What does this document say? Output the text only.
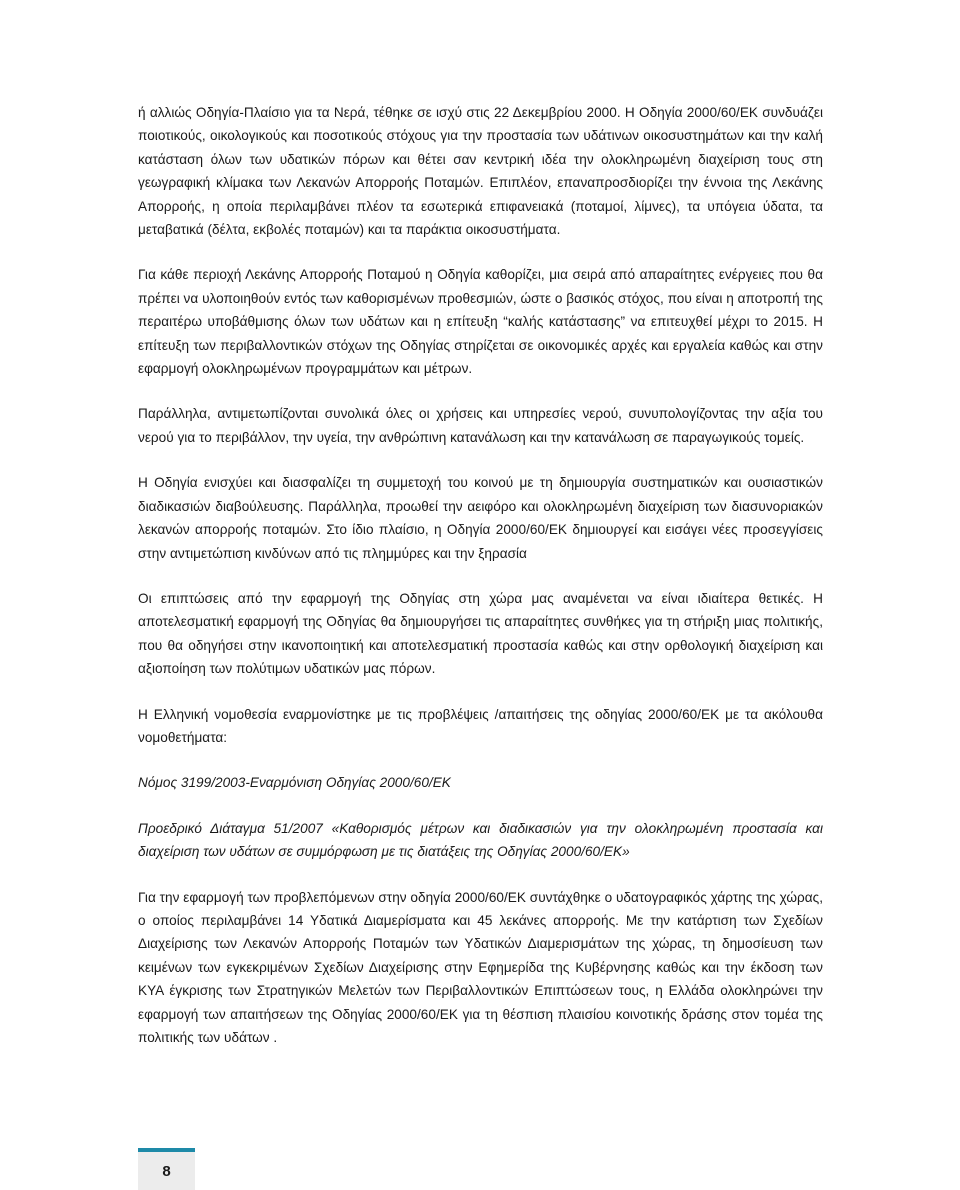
ή αλλιώς Οδηγία-Πλαίσιο για τα Νερά, τέθηκε σε ισχύ στις 22 Δεκεμβρίου 2000. Η Οδηγία 2000/60/ΕΚ συνδυάζει ποιοτικούς, οικολογικούς και ποσοτικούς στόχους για την προστασία των υδάτινων οικοσυστημάτων και την καλή κατάσταση όλων των υδατικών πόρων και θέτει σαν κεντρική ιδέα την ολοκληρωμένη διαχείριση τους στη γεωγραφική κλίμακα των Λεκανών Απορροής Ποταμών. Επιπλέον, επαναπροσδιορίζει την έννοια της Λεκάνης Απορροής, η οποία περιλαμβάνει πλέον τα εσωτερικά επιφανειακά (ποταμοί, λίμνες), τα υπόγεια ύδατα, τα μεταβατικά (δέλτα, εκβολές ποταμών) και τα παράκτια οικοσυστήματα.

Για κάθε περιοχή Λεκάνης Απορροής Ποταμού η Οδηγία καθορίζει, μια σειρά από απαραίτητες ενέργειες που θα πρέπει να υλοποιηθούν εντός των καθορισμένων προθεσμιών, ώστε ο βασικός στόχος, που είναι η αποτροπή της περαιτέρω υποβάθμισης όλων των υδάτων και η επίτευξη “καλής κατάστασης” να επιτευχθεί μέχρι το 2015. Η επίτευξη των περιβαλλοντικών στόχων της Οδηγίας στηρίζεται σε οικονομικές αρχές και εργαλεία καθώς και στην εφαρμογή ολοκληρωμένων προγραμμάτων και μέτρων.

Παράλληλα, αντιμετωπίζονται συνολικά όλες οι χρήσεις και υπηρεσίες νερού, συνυπολογίζοντας την αξία του νερού για το περιβάλλον, την υγεία, την ανθρώπινη κατανάλωση και την κατανάλωση σε παραγωγικούς τομείς.

Η Οδηγία ενισχύει και διασφαλίζει τη συμμετοχή του κοινού με τη δημιουργία συστηματικών και ουσιαστικών διαδικασιών διαβούλευσης. Παράλληλα, προωθεί την αειφόρο και ολοκληρωμένη διαχείριση των διασυνοριακών λεκανών απορροής ποταμών. Στο ίδιο πλαίσιο, η Οδηγία 2000/60/ΕΚ δημιουργεί και εισάγει νέες προσεγγίσεις στην αντιμετώπιση κινδύνων από τις πλημμύρες και την ξηρασία

Οι επιπτώσεις από την εφαρμογή της Οδηγίας στη χώρα μας αναμένεται να είναι ιδιαίτερα θετικές. Η αποτελεσματική εφαρμογή της Οδηγίας θα δημιουργήσει τις απαραίτητες συνθήκες για τη στήριξη μιας πολιτικής, που θα οδηγήσει στην ικανοποιητική και αποτελεσματική προστασία καθώς και στην ορθολογική διαχείριση και αξιοποίηση των πολύτιμων υδατικών μας πόρων.

Η Ελληνική νομοθεσία εναρμονίστηκε με τις προβλέψεις /απαιτήσεις της οδηγίας 2000/60/ΕΚ με τα ακόλουθα νομοθετήματα:

Νόμος 3199/2003-Εναρμόνιση Οδηγίας 2000/60/ΕΚ

Προεδρικό Διάταγμα 51/2007 «Καθορισμός μέτρων και διαδικασιών για την ολοκληρωμένη προστασία και διαχείριση των υδάτων σε συμμόρφωση με τις διατάξεις της Οδηγίας 2000/60/ΕΚ»

Για την εφαρμογή των προβλεπόμενων στην οδηγία 2000/60/ΕΚ συντάχθηκε ο υδατογραφικός χάρτης της χώρας, ο οποίος περιλαμβάνει 14 Υδατικά Διαμερίσματα και 45 λεκάνες απορροής. Με την κατάρτιση των Σχεδίων Διαχείρισης των Λεκανών Απορροής Ποταμών των Υδατικών Διαμερισμάτων της χώρας, τη δημοσίευση των κειμένων των εγκεκριμένων Σχεδίων Διαχείρισης στην Εφημερίδα της Κυβέρνησης καθώς και την έκδοση των ΚΥΑ έγκρισης των Στρατηγικών Μελετών των Περιβαλλοντικών Επιπτώσεων τους, η Ελλάδα ολοκληρώνει την εφαρμογή των απαιτήσεων της Οδηγίας 2000/60/ΕΚ για τη θέσπιση πλαισίου κοινοτικής δράσης στον τομέα της πολιτικής των υδάτων .

8
